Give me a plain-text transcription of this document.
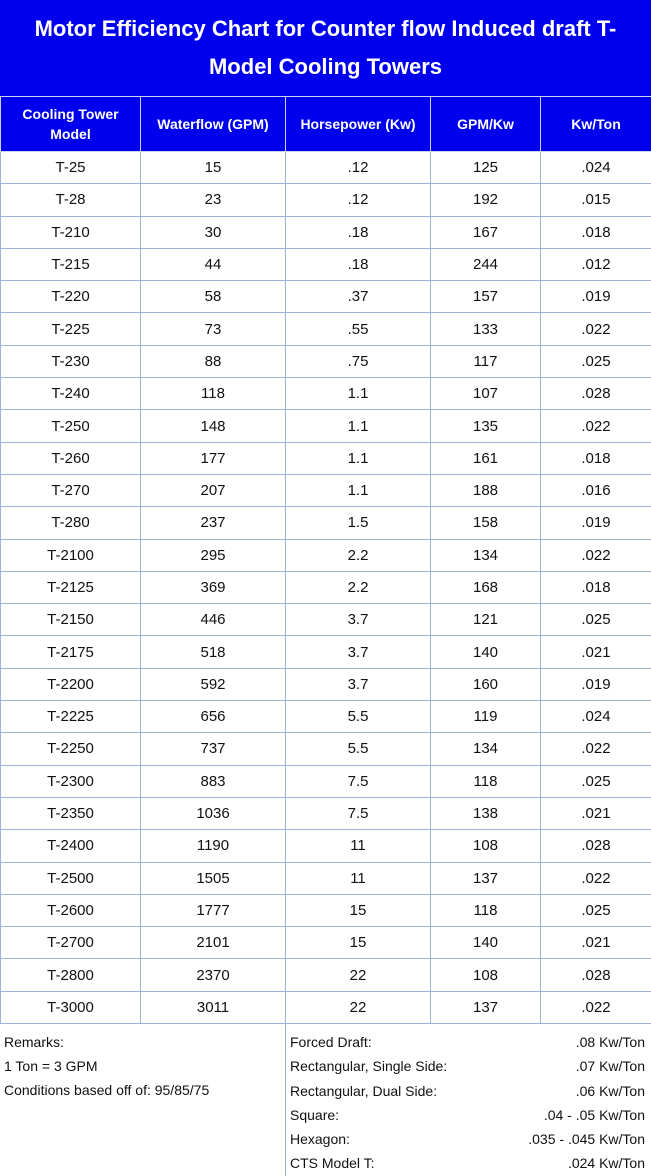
Motor Efficiency Chart for Counter flow Induced draft T-Model Cooling Towers
Cooling Tower Model	Waterflow (GPM)	Horsepower (Kw)	GPM/Kw	Kw/Ton
T-25	15	.12	125	.024
T-28	23	.12	192	.015
T-210	30	.18	167	.018
T-215	44	.18	244	.012
T-220	58	.37	157	.019
T-225	73	.55	133	.022
T-230	88	.75	117	.025
T-240	118	1.1	107	.028
T-250	148	1.1	135	.022
T-260	177	1.1	161	.018
T-270	207	1.1	188	.016
T-280	237	1.5	158	.019
T-2100	295	2.2	134	.022
T-2125	369	2.2	168	.018
T-2150	446	3.7	121	.025
T-2175	518	3.7	140	.021
T-2200	592	3.7	160	.019
T-2225	656	5.5	119	.024
T-2250	737	5.5	134	.022
T-2300	883	7.5	118	.025
T-2350	1036	7.5	138	.021
T-2400	1190	11	108	.028
T-2500	1505	11	137	.022
T-2600	1777	15	118	.025
T-2700	2101	15	140	.021
T-2800	2370	22	108	.028
T-3000	3011	22	137	.022
Remarks:
1 Ton = 3 GPM
Conditions based off of: 95/85/75
Forced Draft:	.08 Kw/Ton
Rectangular, Single Side:	.07 Kw/Ton
Rectangular, Dual Side:	.06 Kw/Ton
Square:	.04 - .05 Kw/Ton
Hexagon:	.035 - .045 Kw/Ton
CTS Model T:	.024 Kw/Ton
